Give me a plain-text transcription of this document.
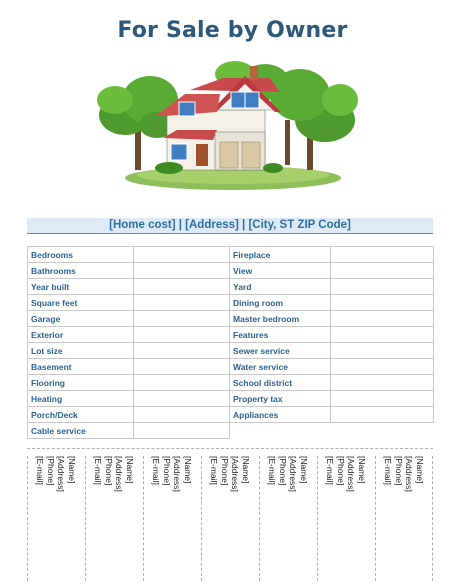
For Sale by Owner
[Home cost] | [Address] | [City, ST ZIP Code]
Bedrooms		Fireplace	
Bathrooms		View	
Year built		Yard	
Square feet		Dining room	
Garage		Master bedroom	
Exterior		Features	
Lot size		Sewer service	
Basement		Water service	
Flooring		School district	
Heating		Property tax	
Porch/Deck		Appliances	
Cable service			
[Name]
[Address]
[Phone]
[E-mail]	[Name]
[Address]
[Phone]
[E-mail]	[Name]
[Address]
[Phone]
[E-mail]	[Name]
[Address]
[Phone]
[E-mail]	[Name]
[Address]
[Phone]
[E-mail]	[Name]
[Address]
[Phone]
[E-mail]	[Name]
[Address]
[Phone]
[E-mail]
